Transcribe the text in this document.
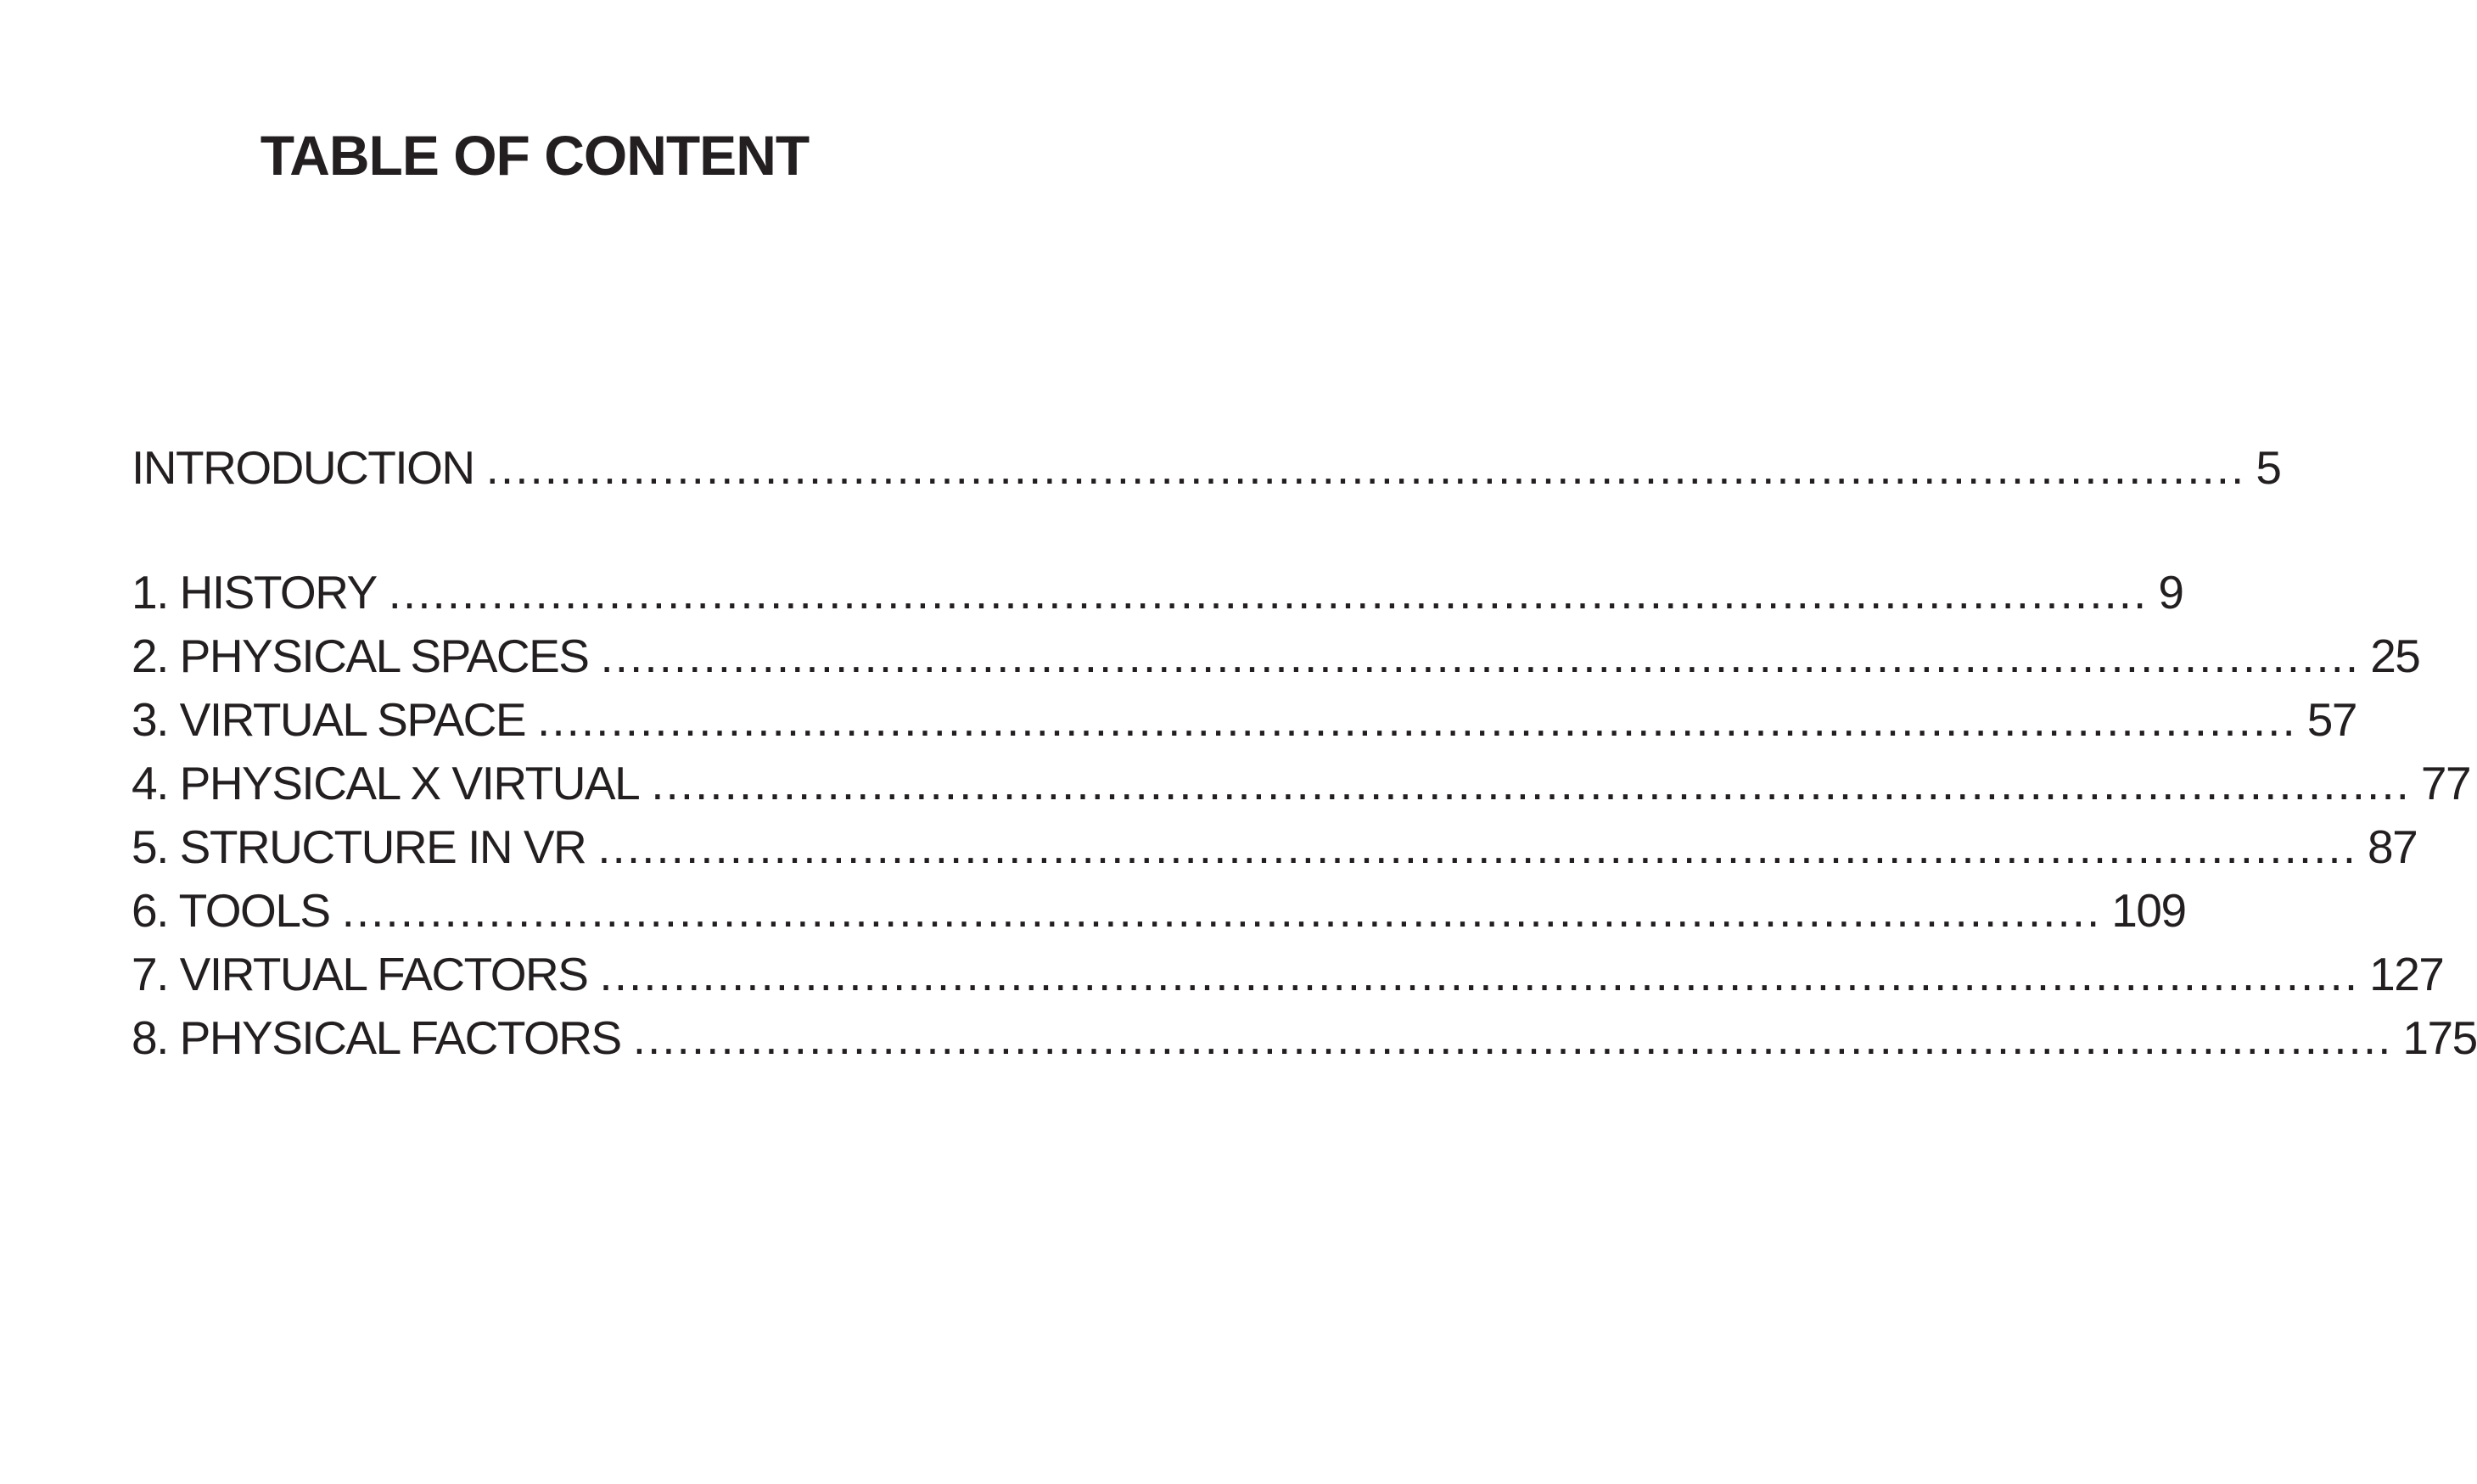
TABLE OF CONTENT
INTRODUCTION ........................................................................................................................ 5
1. HISTORY ........................................................................................................................ 9
2. PHYSICAL SPACES ........................................................................................................................ 25
3. VIRTUAL SPACE ........................................................................................................................ 57
4. PHYSICAL X VIRTUAL ........................................................................................................................ 77
5. STRUCTURE IN VR ........................................................................................................................ 87
6. TOOLS ........................................................................................................................ 109
7. VIRTUAL FACTORS ........................................................................................................................ 127
8. PHYSICAL FACTORS ........................................................................................................................ 175
